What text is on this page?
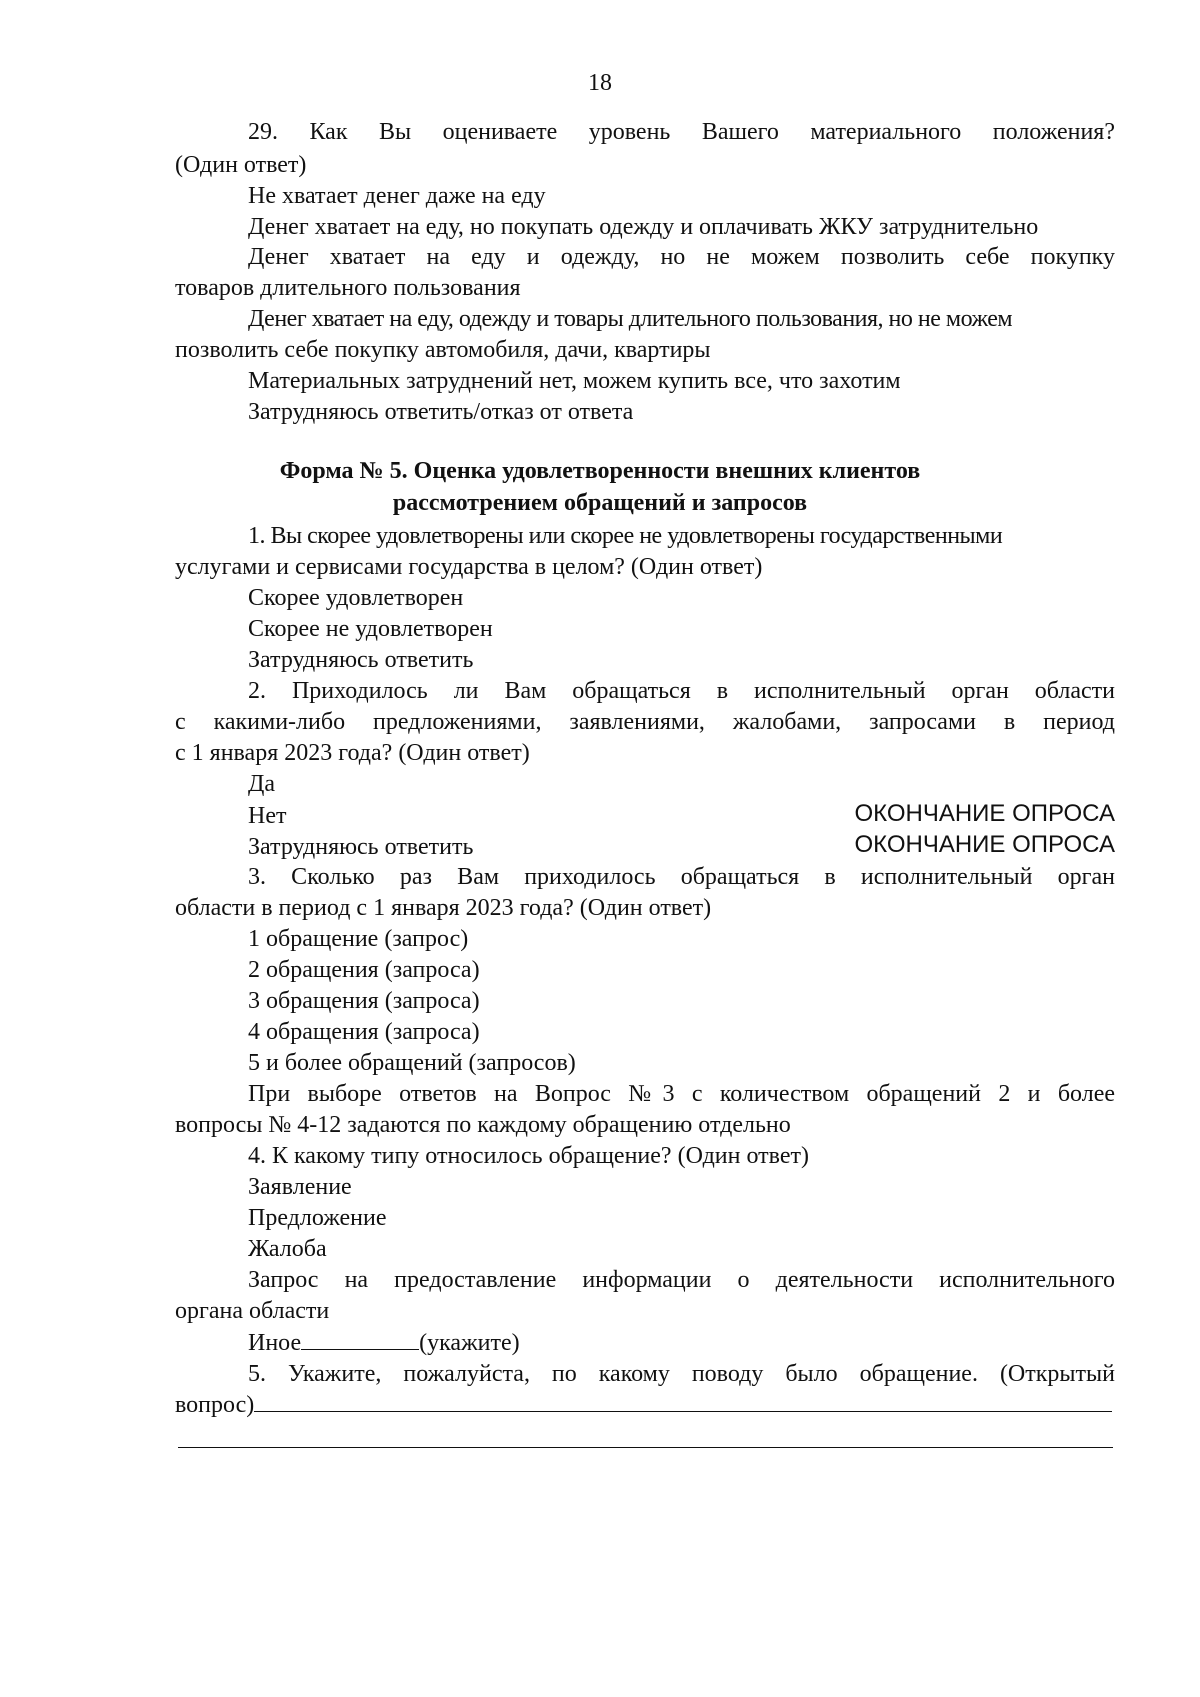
18
29. Как Вы оцениваете уровень Вашего материального положения?
(Один ответ)
Не хватает денег даже на еду
Денег хватает на еду, но покупать одежду и оплачивать ЖКУ затруднительно
Денег хватает на еду и одежду, но не можем позволить себе покупку
товаров длительного пользования
Денег хватает на еду, одежду и товары длительного пользования, но не можем
позволить себе покупку автомобиля, дачи, квартиры
Материальных затруднений нет, можем купить все, что захотим
Затрудняюсь ответить/отказ от ответа
Форма № 5. Оценка удовлетворенности внешних клиентов
рассмотрением обращений и запросов
1. Вы скорее удовлетворены или скорее не удовлетворены государственными
услугами и сервисами государства в целом? (Один ответ)
Скорее удовлетворен
Скорее не удовлетворен
Затрудняюсь ответить
2. Приходилось ли Вам обращаться в исполнительный орган области
с какими-либо предложениями, заявлениями, жалобами, запросами в период
с 1 января 2023 года? (Один ответ)
Да
Нет	ОКОНЧАНИЕ ОПРОСА
Затрудняюсь ответить	ОКОНЧАНИЕ ОПРОСА
3. Сколько раз Вам приходилось обращаться в исполнительный орган
области в период с 1 января 2023 года? (Один ответ)
1 обращение (запрос)
2 обращения (запроса)
3 обращения (запроса)
4 обращения (запроса)
5 и более обращений (запросов)
При выборе ответов на Вопрос №3 с количеством обращений 2 и более
вопросы № 4-12 задаются по каждому обращению отдельно
4. К какому типу относилось обращение? (Один ответ)
Заявление
Предложение
Жалоба
Запрос на предоставление информации о деятельности исполнительного
органа области
Иное	(укажите)
5. Укажите, пожалуйста, по какому поводу было обращение. (Открытый
вопрос)
